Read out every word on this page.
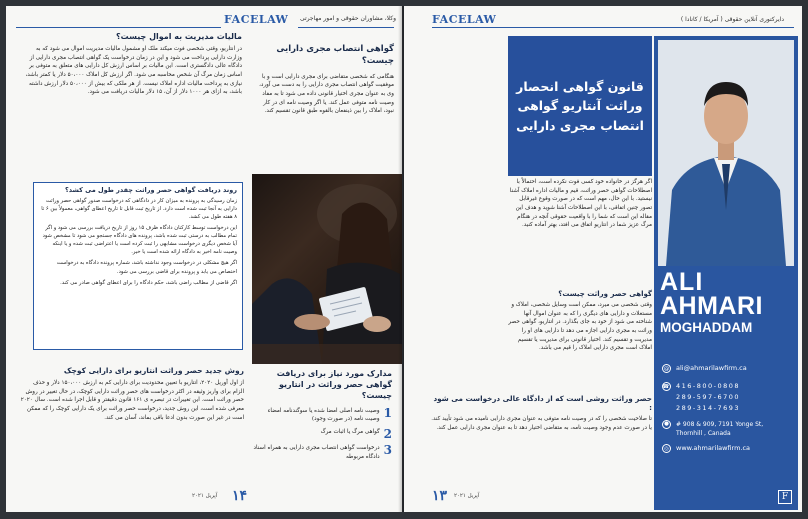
FACELAW	وکلا، مشاوران حقوقی و امور مهاجرتی
مالیات مدیریت به اموال چیست؟
در انتاریو، وقتی شخصی فوت میکند ملک او مشمول مالیات مدیریت اموال می شود که به وزارت دارایی پرداخت می شود و این در زمان درخواست یک گواهی انتصاب مجری دارایی از دادگاه عالی دادگستری است. این مالیات بر اساس ارزش کل دارایی های متعلق به متوفی بر اساس زمان مرگ آن شخص محاسبه می شود. اگر ارزش کل املاک ۵۰،۰۰۰ دلار یا کمتر باشد، نیازی به پرداخت مالیات اداره املاک نیست. از هر ملکی که بیش از ۵۰،۰۰۰ دلار ارزش داشته باشد، به ازای هر ۱۰۰۰ دلار از آن، ۱۵ دلار مالیات دریافت می شود.
گواهی انتصاب مجری دارایی چیست؟
هنگامی که شخصی متقاضی برای مجری دارایی است و با موفقیت گواهی انتصاب مجری دارایی را به دست می آورد، وی به عنوان مجری اختیار قانونی داده می شود تا به مفاد وصیت نامه متوفی عمل کند. یا اگر وصیت نامه ای در کار نبود، املاک را بین ذینفعان بالقوه طبق قانون تقسیم کند.
روند دریافت گواهی حصر وراثت چقدر طول می کشد؟
زمان رسیدگی به پرونده به میزان کار در دادگاهی که درخواست صدور گواهی حصر وراثت دارایی به آنجا ثبت شده است دارد. از تاریخ ثبت قابل تا تاریخ اعطای گواهی، معمولاً بین ۶ تا ۸ هفته طول می کشد.
این درخواست توسط کارکنان دادگاه ظرف ۱۵ روز از تاریخ دریافت بررسی می شود و اگر تمام مطالب به درستی ثبت شده باشد، پرونده های دادگاه جستجو می شود تا مشخص شود آیا شخص دیگری درخواست مشابهی را ثبت کرده است یا اعتراضی ثبت شده و یا اینکه وصیت نامه اخیر به دادگاه ارائه شده است یا خیر.
اگر هیچ مشکلی در درخواست وجود نداشته باشد، شماره پرونده دادگاه به درخواست اختصاص می یابد و پرونده برای قاضی بررسی می شود.
اگر قاضی از مطالب راضی باشد، حکم دادگاه را برای اعطای گواهی صادر می کند.
مدارک مورد نیاز برای دریافت گواهی حصر وراثت در انتاریو چیست؟
1
وصیت نامه اصلی امضا شده یا سوگندنامه امضاء وصیت نامه (در صورت وجود)
2
گواهی مرگ یا اثبات مرگ
3
درخواست گواهی انتصاب مجری دارایی به همراه اسناد دادگاه مربوطه
روش جدید حصر وراثت انتاریو برای دارایی کوچک
از اول آوریل ۲۰۲۰، انتاریو با تعیین محدودیت برای دارایی کم به ارزش ۱۵۰،۰۰۰ دلار و حذف الزام برای واریز وثیقه در اکثر درخواست های حصر وراثت دارایی کوچک، در حال تغییر در روش حصر وراثت است. این تغییرات در تبصره ی ۱۶۱ قانون دقیقتر و قابل اجرا شده است. سال ۲۰۲۰ معرفی شده است، این روش جدید، درخواست حصر وراثت برای یک دارایی کوچک را که ممکن است در غیر این صورت بدون ادعا باقی بماند، آسان می کند.
۱۴
آپریل ۲۰۲۱
FACELAW	دایرکتوری آنلاین حقوقی ( آمریکا / کانادا )
قانون گواهی انحصار وراثت آنتاریو گواهی انتصاب مجری دارایی
اگر هرگز در خانواده خود کسی فوت نکرده است، احتمالاً با اصطلاحات گواهی حصر وراثت، قیم و مالیات اداره املاک آشنا نیستید. با این حال، مهم است که در صورت وقوع غیرقابل تصور چنین اتفاقی، با این اصطلاحات آشنا شوید و هدف این مقاله این است که شما را با واقعیت حقوقی آنچه در هنگام مرگ عزیز شما در انتاریو اتفاق می افتد، بهتر آماده کنید.
گواهی حصر وراثت چیست؟
وقتی شخصی می میرد، ممکن است وسایل شخصی، املاک و مستغلات و دارایی های دیگری را که به عنوان اموال آنها شناخته می شود از خود به جای بگذارد. در انتاریو، گواهی حصر وراثت به مجری دارایی اجازه می دهد تا دارایی های او را مدیریت و تقسیم کند. اختیار قانونی برای مدیریت یا تقسیم املاک است مجری دارایی املاک را قیم می باشد.
حصر وراثت روشی است که از دادگاه عالی درخواست می شود :
تا صلاحیت شخصی را که در وصیت نامه متوفی به عنوان مجری دارایی نامیده می شود تأیید کند. یا در صورت عدم وجود وصیت نامه، به متقاضی اختیار دهد تا به عنوان مجری دارایی عمل کند.
ALI
AHMARI
MOGHADDAM
@ ali@ahmarilawfirm.ca
☎ 416-800-0808
289-597-6700
289-314-7693
●	# 908 & 909, 7191 Yonge St, Thornhill , Canada
◎	www.ahmarilawfirm.ca
F
۱۳ آپریل ۲۰۲۱
